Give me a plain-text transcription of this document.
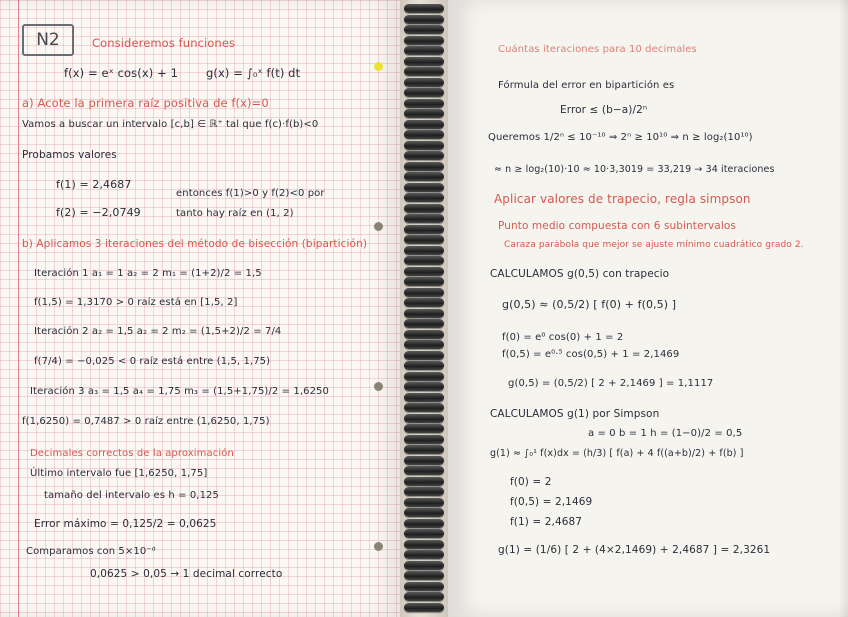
N2	Consideremos funciones
f(x) = eˣ cos(x) + 1 g(x) = ∫₀ˣ f(t) dt
a) Acote la primera raíz positiva de f(x)=0
Vamos a buscar un intervalo [c,b] ∈ ℝ⁺ tal que f(c)·f(b)<0
Probamos valores
f(1) = 2,4687
f(2) = −2,0749
entonces f(1)>0 y f(2)<0 por
tanto hay raíz en (1, 2)
b) Aplicamos 3 iteraciones del método de bisección (bipartición)
Iteración 1 a₁ = 1 a₂ = 2 m₁ = (1+2)/2 = 1,5
f(1,5) = 1,3170 > 0 raíz está en [1,5, 2]
Iteración 2 a₂ = 1,5 a₂ = 2 m₂ = (1,5+2)/2 = 7/4
f(7/4) = −0,025 < 0 raíz está entre (1,5, 1,75)
Iteración 3 a₃ = 1,5 a₄ = 1,75 m₃ = (1,5+1,75)/2 = 1,6250
f(1,6250) = 0,7487 > 0 raíz entre (1,6250, 1,75)
Decimales correctos de la aproximación
Último intervalo fue [1,6250, 1,75]
tamaño del intervalo es h = 0,125
Error máximo = 0,125/2 = 0,0625
Comparamos con 5×10⁻ᵈ
0,0625 > 0,05 → 1 decimal correcto
Cuántas iteraciones para 10 decimales
Fórmula del error en bipartición es
Error ≤ (b−a)/2ⁿ
Queremos 1/2ⁿ ≤ 10⁻¹⁰ ⇒ 2ⁿ ≥ 10¹⁰ ⇒ n ≥ log₂(10¹⁰)
≈ n ≥ log₂(10)·10 ≈ 10·3,3019 = 33,219 → 34 iteraciones
Aplicar valores de trapecio, regla simpson
Punto medio compuesta con 6 subintervalos
Caraza parábola que mejor se ajuste mínimo cuadrático grado 2.
CALCULAMOS g(0,5) con trapecio
g(0,5) ≈ (0,5/2) [ f(0) + f(0,5) ]
f(0) = e⁰ cos(0) + 1 = 2
f(0,5) = e⁰·⁵ cos(0,5) + 1 = 2,1469
g(0,5) = (0,5/2) [ 2 + 2,1469 ] = 1,1117
CALCULAMOS g(1) por Simpson
a = 0 b = 1 h = (1−0)/2 = 0,5
g(1) ≈ ∫₀¹ f(x)dx = (h/3) [ f(a) + 4 f((a+b)/2) + f(b) ]
f(0) = 2
f(0,5) = 2,1469
f(1) = 2,4687
g(1) = (1/6) [ 2 + (4×2,1469) + 2,4687 ] = 2,3261
